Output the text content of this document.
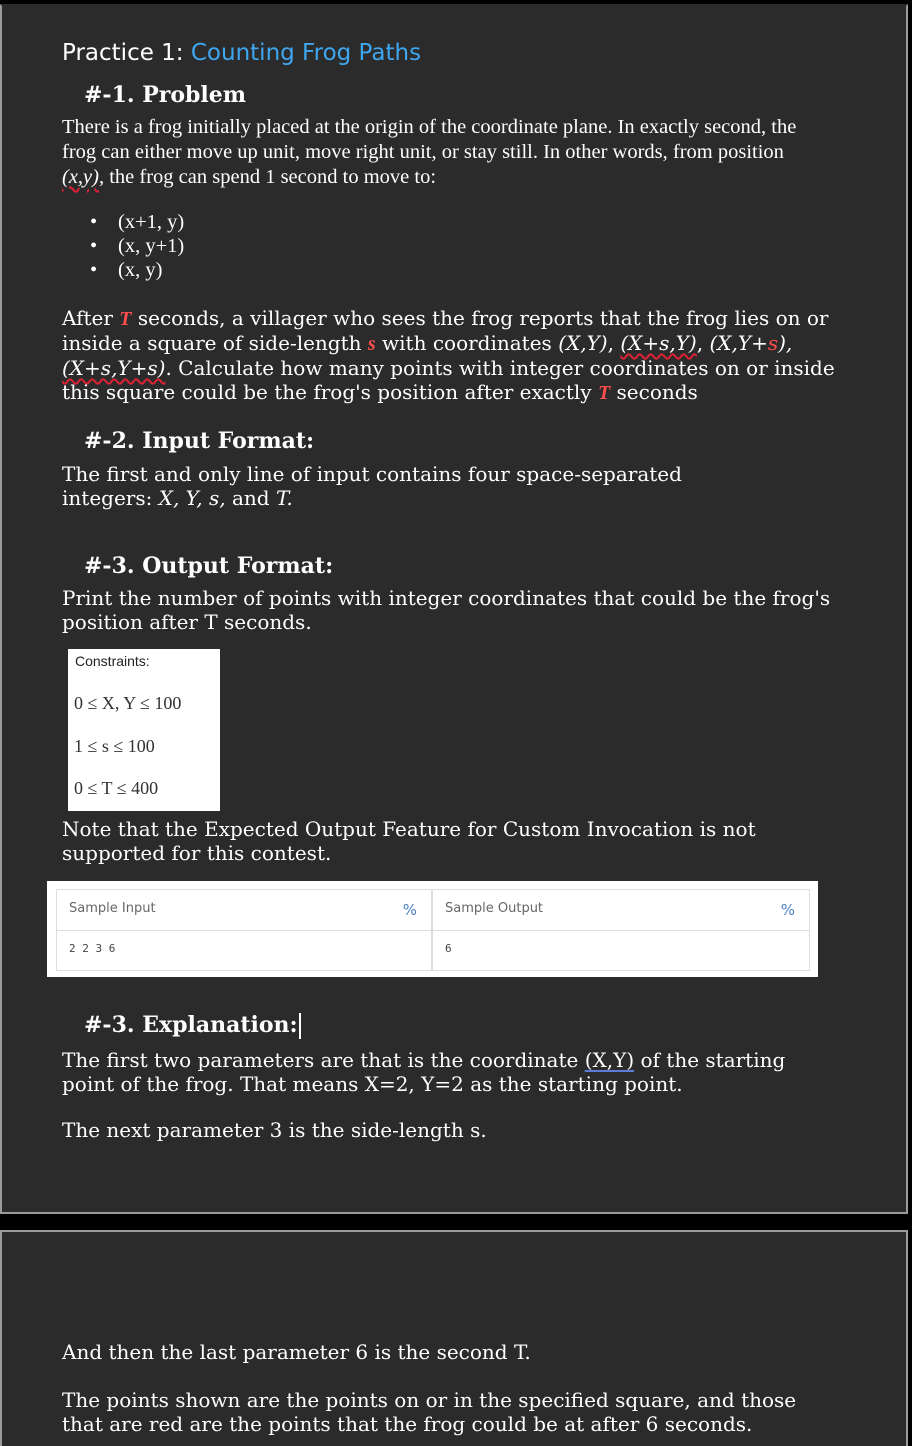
Practice 1: Counting Frog Paths
#-1. Problem
There is a frog initially placed at the origin of the coordinate plane. In exactly second, the
frog can either move up unit, move right unit, or stay still. In other words, from position
(x,y), the frog can spend 1 second to move to:
• (x+1, y)
• (x, y+1)
• (x, y)
After T seconds, a villager who sees the frog reports that the frog lies on or
inside a square of side-length s with coordinates (X,Y), (X+s,Y), (X,Y+s),
(X+s,Y+s). Calculate how many points with integer coordinates on or inside
this square could be the frog's position after exactly T seconds
#-2. Input Format:
The first and only line of input contains four space-separated
integers: X, Y, s, and T.
#-3. Output Format:
Print the number of points with integer coordinates that could be the frog's
position after T seconds.
Constraints:
0 ≤ X, Y ≤ 100
1 ≤ s ≤ 100
0 ≤ T ≤ 400
Note that the Expected Output Feature for Custom Invocation is not
supported for this contest.
Sample Input	%
2 2 3 6
Sample Output	%
6
#-3. Explanation:
The first two parameters are that is the coordinate (X,Y) of the starting
point of the frog. That means X=2, Y=2 as the starting point.
The next parameter 3 is the side-length s.
And then the last parameter 6 is the second T.
The points shown are the points on or in the specified square, and those
that are red are the points that the frog could be at after 6 seconds.
